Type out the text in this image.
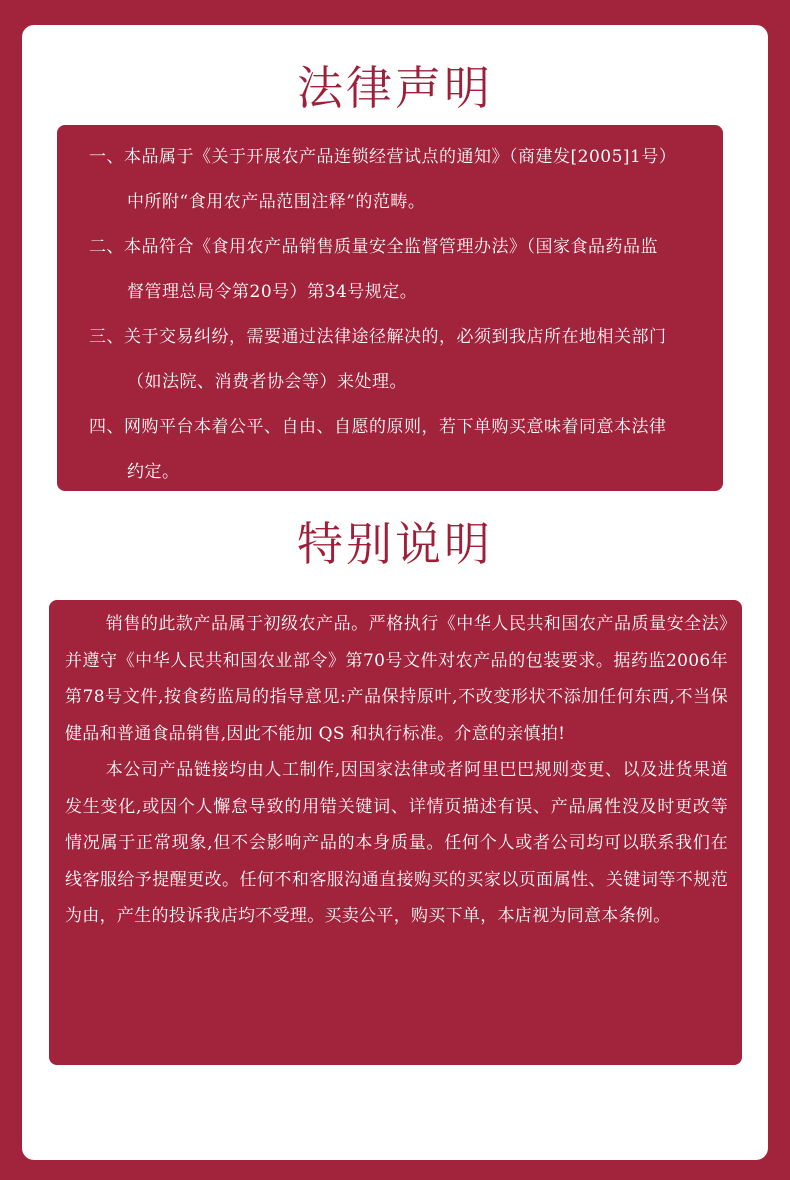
法律声明
一、本品属于《关于开展农产品连锁经营试点的通知》（商建发[2005]1号）
中所附“食用农产品范围注释”的范畴。
二、本品符合《食用农产品销售质量安全监督管理办法》（国家食品药品监
督管理总局令第20号）第34号规定。
三、关于交易纠纷，需要通过法律途径解决的，必须到我店所在地相关部门
（如法院、消费者协会等）来处理。
四、网购平台本着公平、自由、自愿的原则，若下单购买意味着同意本法律
约定。
特别说明

销售的此款产品属于初级农产品。严格执行《中华人民共和国农产品质量安全法》并遵守《中华人民共和国农业部令》第70号文件对农产品的包装要求。据药监2006年第78号文件,按食药监局的指导意见:产品保持原叶,不改变形状不添加任何东西,不当保健品和普通食品销售,因此不能加 QS 和执行标准。介意的亲慎拍!

本公司产品链接均由人工制作,因国家法律或者阿里巴巴规则变更、以及进货果道发生变化,或因个人懈怠导致的用错关键词、详情页描述有误、产品属性没及时更改等情况属于正常现象,但不会影响产品的本身质量。任何个人或者公司均可以联系我们在线客服给予提醒更改。任何不和客服沟通直接购买的买家以页面属性、关键词等不规范为由，产生的投诉我店均不受理。买卖公平，购买下单，本店视为同意本条例。
